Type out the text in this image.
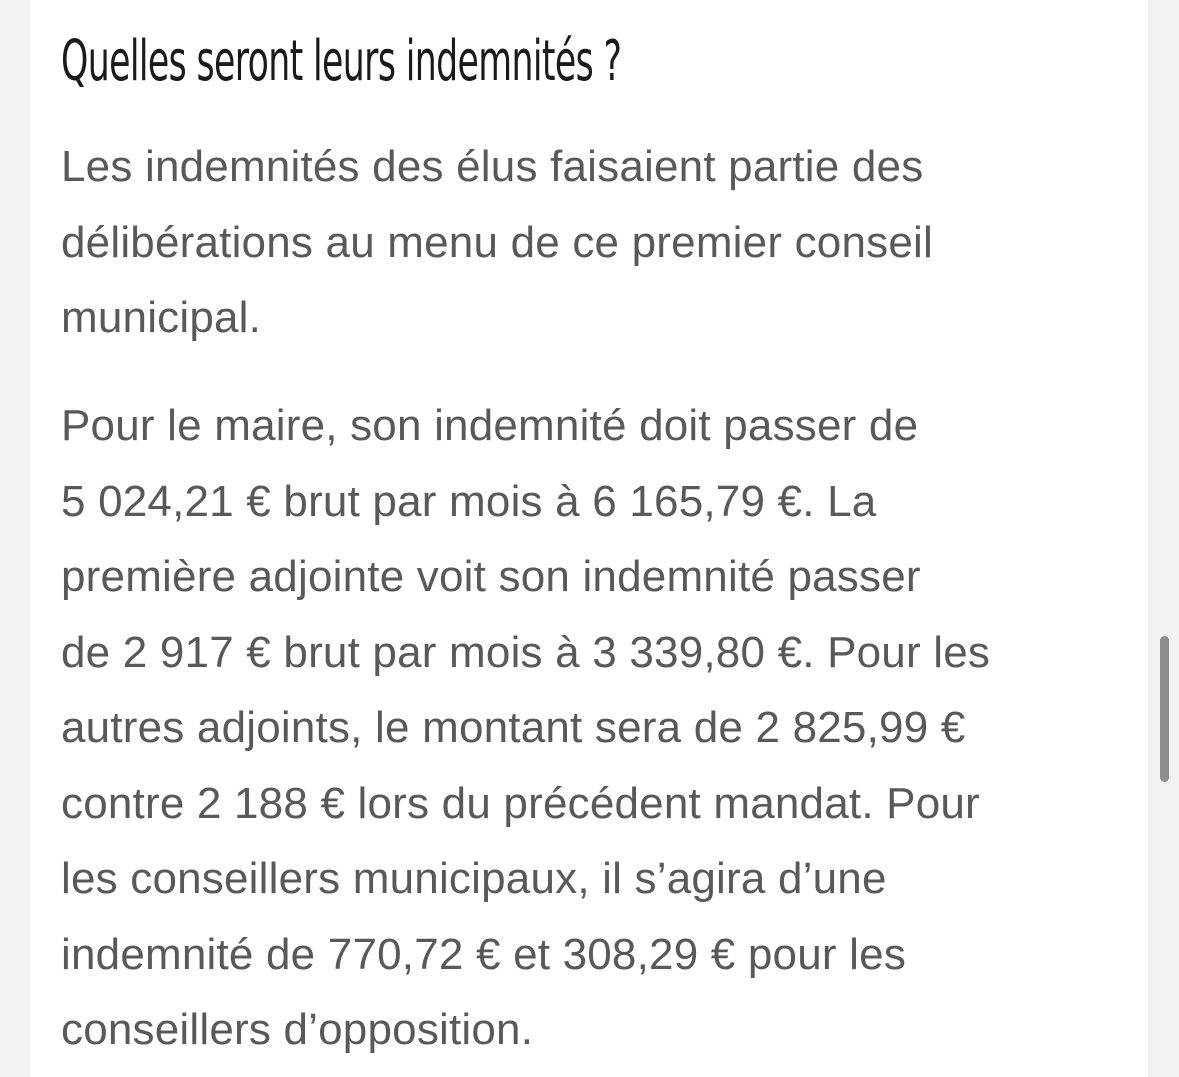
Quelles seront leurs indemnités ?

Les indemnités des élus faisaient partie des
délibérations au menu de ce premier conseil
municipal.

Pour le maire, son indemnité doit passer de
5 024,21 € brut par mois à 6 165,79 €. La
première adjointe voit son indemnité passer
de 2 917 € brut par mois à 3 339,80 €. Pour les
autres adjoints, le montant sera de 2 825,99 €
contre 2 188 € lors du précédent mandat. Pour
les conseillers municipaux, il s’agira d’une
indemnité de 770,72 € et 308,29 € pour les
conseillers d’opposition.
